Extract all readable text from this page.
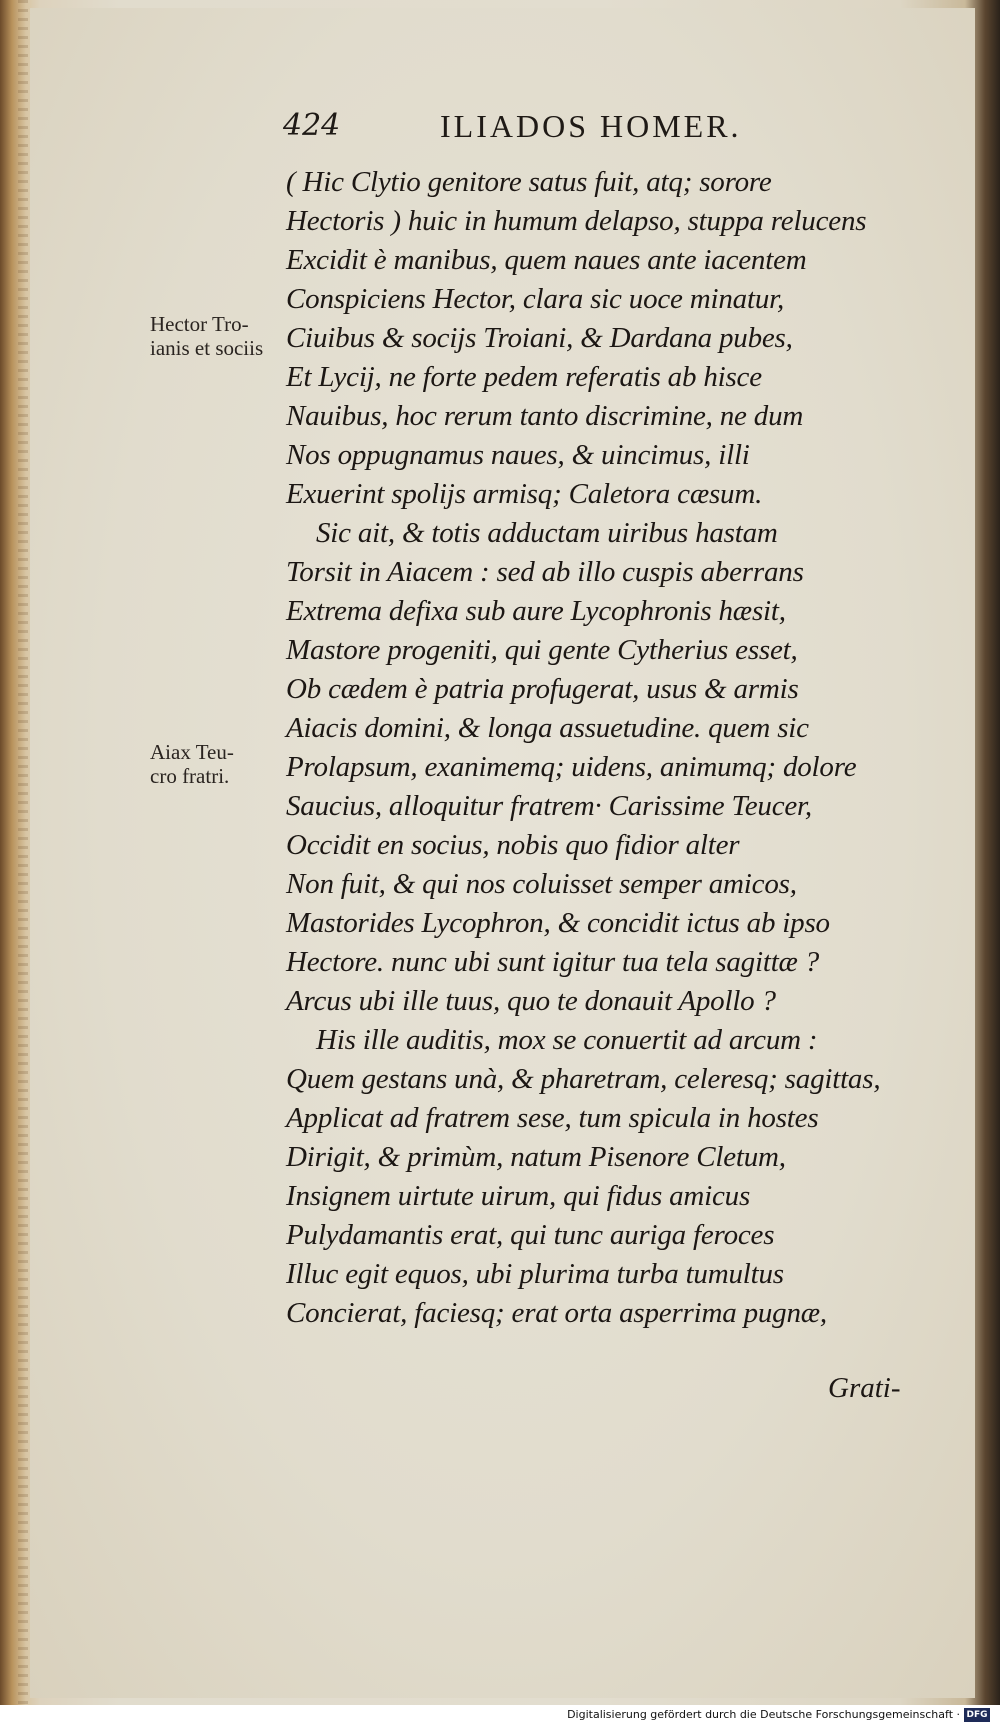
424	ILIADOS HOMER.
Hector Tro-
ianis et sociis
Aiax Teu-
cro fratri.
( Hic Clytio genitore satus fuit, atq; sorore
Hectoris ) huic in humum delapso, stuppa relucens
Excidit è manibus, quem naues ante iacentem
Conspiciens Hector, clara sic uoce minatur,
Ciuibus & socijs Troiani, & Dardana pubes,
Et Lycij, ne forte pedem referatis ab hisce
Nauibus, hoc rerum tanto discrimine, ne dum
Nos oppugnamus naues, & uincimus, illi
Exuerint spolijs armisq; Caletora cæsum.
Sic ait, & totis adductam uiribus hastam
Torsit in Aiacem : sed ab illo cuspis aberrans
Extrema defixa sub aure Lycophronis hæsit,
Mastore progeniti, qui gente Cytherius esset,
Ob cædem è patria profugerat, usus & armis
Aiacis domini, & longa assuetudine. quem sic
Prolapsum, exanimemq; uidens, animumq; dolore
Saucius, alloquitur fratrem· Carissime Teucer,
Occidit en socius, nobis quo fidior alter
Non fuit, & qui nos coluisset semper amicos,
Mastorides Lycophron, & concidit ictus ab ipso
Hectore. nunc ubi sunt igitur tua tela sagittæ ?
Arcus ubi ille tuus, quo te donauit Apollo ?
His ille auditis, mox se conuertit ad arcum :
Quem gestans unà, & pharetram, celeresq; sagittas,
Applicat ad fratrem sese, tum spicula in hostes
Dirigit, & primùm, natum Pisenore Cletum,
Insignem uirtute uirum, qui fidus amicus
Pulydamantis erat, qui tunc auriga feroces
Illuc egit equos, ubi plurima turba tumultus
Concierat, faciesq; erat orta asperrima pugnæ,
Grati-
Digitalisierung gefördert durch die Deutsche Forschungsgemeinschaft · DFG
